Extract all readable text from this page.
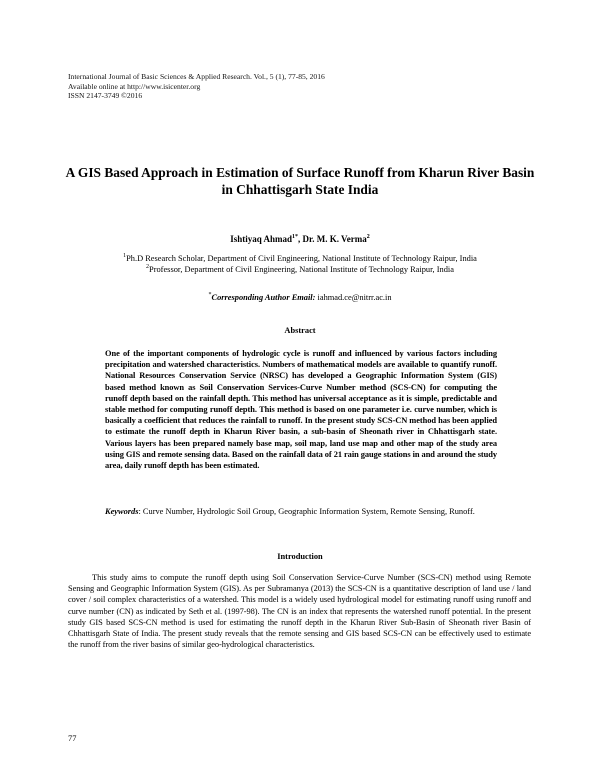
International Journal of Basic Sciences & Applied Research. Vol., 5 (1), 77-85, 2016
Available online at http://www.isicenter.org
ISSN 2147-3749 ©2016
A GIS Based Approach in Estimation of Surface Runoff from Kharun River Basin in Chhattisgarh State India
Ishtiyaq Ahmad$^{1*}$, Dr. M. K. Verma$^2$
$^1$Ph.D Research Scholar, Department of Civil Engineering, National Institute of Technology Raipur, India
$^2$Professor, Department of Civil Engineering, National Institute of Technology Raipur, India
*Corresponding Author Email: iahmad.ce@nitrr.ac.in
Abstract
One of the important components of hydrologic cycle is runoff and influenced by various factors including precipitation and watershed characteristics. Numbers of mathematical models are available to quantify runoff. National Resources Conservation Service (NRSC) has developed a Geographic Information System (GIS) based method known as Soil Conservation Services-Curve Number method (SCS-CN) for computing the runoff depth based on the rainfall depth. This method has universal acceptance as it is simple, predictable and stable method for computing runoff depth. This method is based on one parameter i.e. curve number, which is basically a coefficient that reduces the rainfall to runoff. In the present study SCS-CN method has been applied to estimate the runoff depth in Kharun River basin, a sub-basin of Sheonath river in Chhattisgarh state. Various layers has been prepared namely base map, soil map, land use map and other map of the study area using GIS and remote sensing data. Based on the rainfall data of 21 rain gauge stations in and around the study area, daily runoff depth has been estimated.
Keywords: Curve Number, Hydrologic Soil Group, Geographic Information System, Remote Sensing, Runoff.
Introduction
This study aims to compute the runoff depth using Soil Conservation Service-Curve Number (SCS-CN) method using Remote Sensing and Geographic Information System (GIS). As per Subramanya (2013) the SCS-CN is a quantitative description of land use / land cover / soil complex characteristics of a watershed. This model is a widely used hydrological model for estimating runoff using runoff and curve number (CN) as indicated by Seth et al. (1997-98). The CN is an index that represents the watershed runoff potential. In the present study GIS based SCS-CN method is used for estimating the runoff depth in the Kharun River Sub-Basin of Sheonath river Basin of Chhattisgarh State of India. The present study reveals that the remote sensing and GIS based SCS-CN can be effectively used to estimate the runoff from the river basins of similar geo-hydrological characteristics.
77
